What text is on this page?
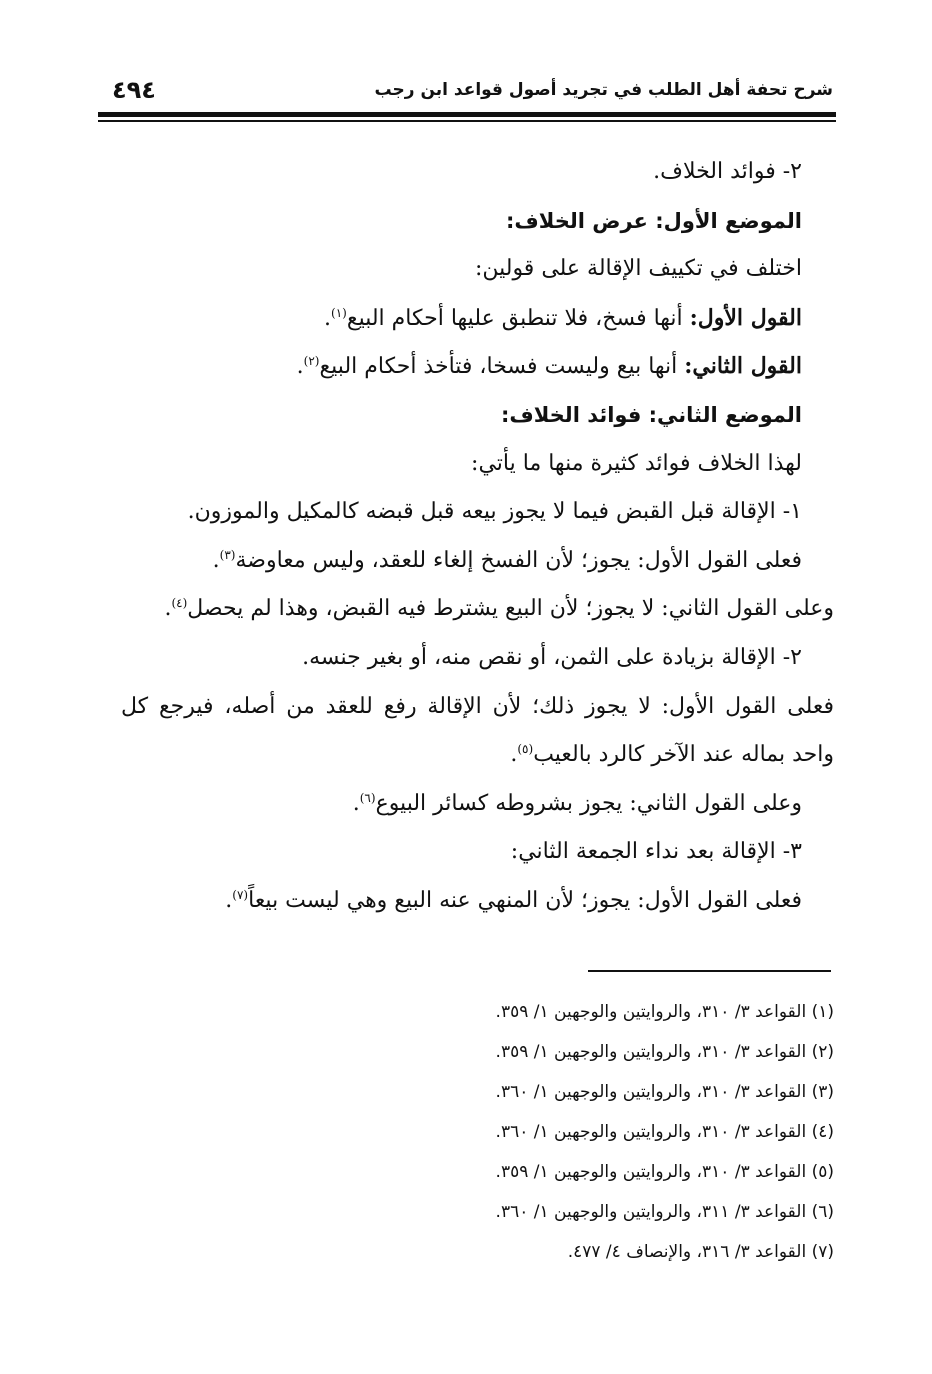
شرح تحفة أهل الطلب في تجريد أصول قواعد ابن رجب
٤٩٤
٢- فوائد الخلاف.
الموضع الأول: عرض الخلاف:
اختلف في تكييف الإقالة على قولين:
القول الأول: أنها فسخ، فلا تنطبق عليها أحكام البيع$^{(١)}$.
القول الثاني: أنها بيع وليست فسخا، فتأخذ أحكام البيع$^{(٢)}$.
الموضع الثاني: فوائد الخلاف:
لهذا الخلاف فوائد كثيرة منها ما يأتي:
١- الإقالة قبل القبض فيما لا يجوز بيعه قبل قبضه كالمكيل والموزون.
فعلى القول الأول: يجوز؛ لأن الفسخ إلغاء للعقد، وليس معاوضة$^{(٣)}$.
وعلى القول الثاني: لا يجوز؛ لأن البيع يشترط فيه القبض، وهذا لم يحصل$^{(٤)}$.
٢- الإقالة بزيادة على الثمن، أو نقص منه، أو بغير جنسه.
فعلى القول الأول: لا يجوز ذلك؛ لأن الإقالة رفع للعقد من أصله، فيرجع كل
واحد بماله عند الآخر كالرد بالعيب$^{(٥)}$.
وعلى القول الثاني: يجوز بشروطه كسائر البيوع$^{(٦)}$.
٣- الإقالة بعد نداء الجمعة الثاني:
فعلى القول الأول: يجوز؛ لأن المنهي عنه البيع وهي ليست بيعاً$^{(٧)}$.
(١) القواعد ٣/ ٣١٠، والروايتين والوجهين ١/ ٣٥٩.
(٢) القواعد ٣/ ٣١٠، والروايتين والوجهين ١/ ٣٥٩.
(٣) القواعد ٣/ ٣١٠، والروايتين والوجهين ١/ ٣٦٠.
(٤) القواعد ٣/ ٣١٠، والروايتين والوجهين ١/ ٣٦٠.
(٥) القواعد ٣/ ٣١٠، والروايتين والوجهين ١/ ٣٥٩.
(٦) القواعد ٣/ ٣١١، والروايتين والوجهين ١/ ٣٦٠.
(٧) القواعد ٣/ ٣١٦، والإنصاف ٤/ ٤٧٧.
